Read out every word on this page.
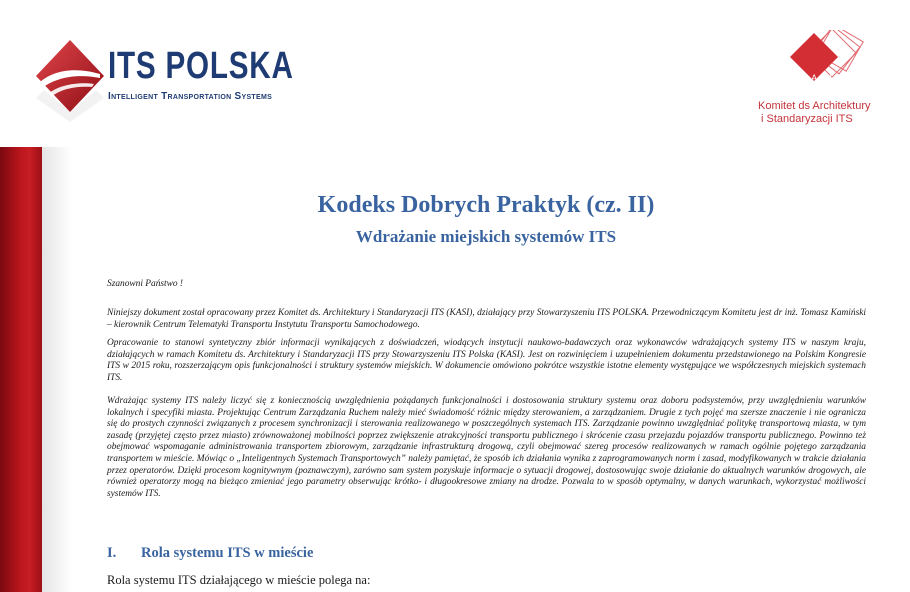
ITS POLSKA
Intelligent Transportation Systems
K.A.S.I.
Komitet ds Architektury
i Standaryzacji ITS
Kodeks Dobrych Praktyk (cz. II)
Wdrażanie miejskich systemów ITS
Szanowni Państwo !
Niniejszy dokument został opracowany przez Komitet ds. Architektury i Standaryzacji ITS (KASI), działający przy Stowarzyszeniu ITS POLSKA. Przewodniczącym Komitetu jest dr inż. Tomasz Kamiński – kierownik Centrum Telematyki Transportu Instytutu Transportu Samochodowego.
Opracowanie to stanowi syntetyczny zbiór informacji wynikających z doświadczeń, wiodących instytucji naukowo-badawczych oraz wykonawców wdrażających systemy ITS w naszym kraju, działających w ramach Komitetu ds. Architektury i Standaryzacji ITS przy Stowarzyszeniu ITS Polska (KASI). Jest on rozwinięciem i uzupełnieniem dokumentu przedstawionego na Polskim Kongresie ITS w 2015 roku, rozszerzającym opis funkcjonalności i struktury systemów miejskich. W dokumencie omówiono pokrótce wszystkie istotne elementy występujące we współczesnych miejskich systemach ITS.
Wdrażając systemy ITS należy liczyć się z koniecznością uwzględnienia pożądanych funkcjonalności i dostosowania struktury systemu oraz doboru podsystemów, przy uwzględnieniu warunków lokalnych i specyfiki miasta. Projektując Centrum Zarządzania Ruchem należy mieć świadomość różnic między sterowaniem, a zarządzaniem. Drugie z tych pojęć ma szersze znaczenie i nie ogranicza się do prostych czynności związanych z procesem synchronizacji i sterowania realizowanego w poszczególnych systemach ITS. Zarządzanie powinno uwzględniać politykę transportową miasta, w tym zasadę (przyjętej często przez miasto) zrównoważonej mobilności poprzez zwiększenie atrakcyjności transportu publicznego i skrócenie czasu przejazdu pojazdów transportu publicznego. Powinno też obejmować wspomaganie administrowania transportem zbiorowym, zarządzanie infrastrukturą drogową, czyli obejmować szereg procesów realizowanych w ramach ogólnie pojętego zarządzania transportem w mieście. Mówiąc o „Inteligentnych Systemach Transportowych” należy pamiętać, że sposób ich działania wynika z zaprogramowanych norm i zasad, modyfikowanych w trakcie działania przez operatorów. Dzięki procesom kognitywnym (poznawczym), zarówno sam system pozyskuje informacje o sytuacji drogowej, dostosowując swoje działanie do aktualnych warunków drogowych, ale również operatorzy mogą na bieżąco zmieniać jego parametry obserwując krótko- i długookresowe zmiany na drodze. Pozwala to w sposób optymalny, w danych warunkach, wykorzystać możliwości systemów ITS.
I. Rola systemu ITS w mieście
Rola systemu ITS działającego w mieście polega na:
